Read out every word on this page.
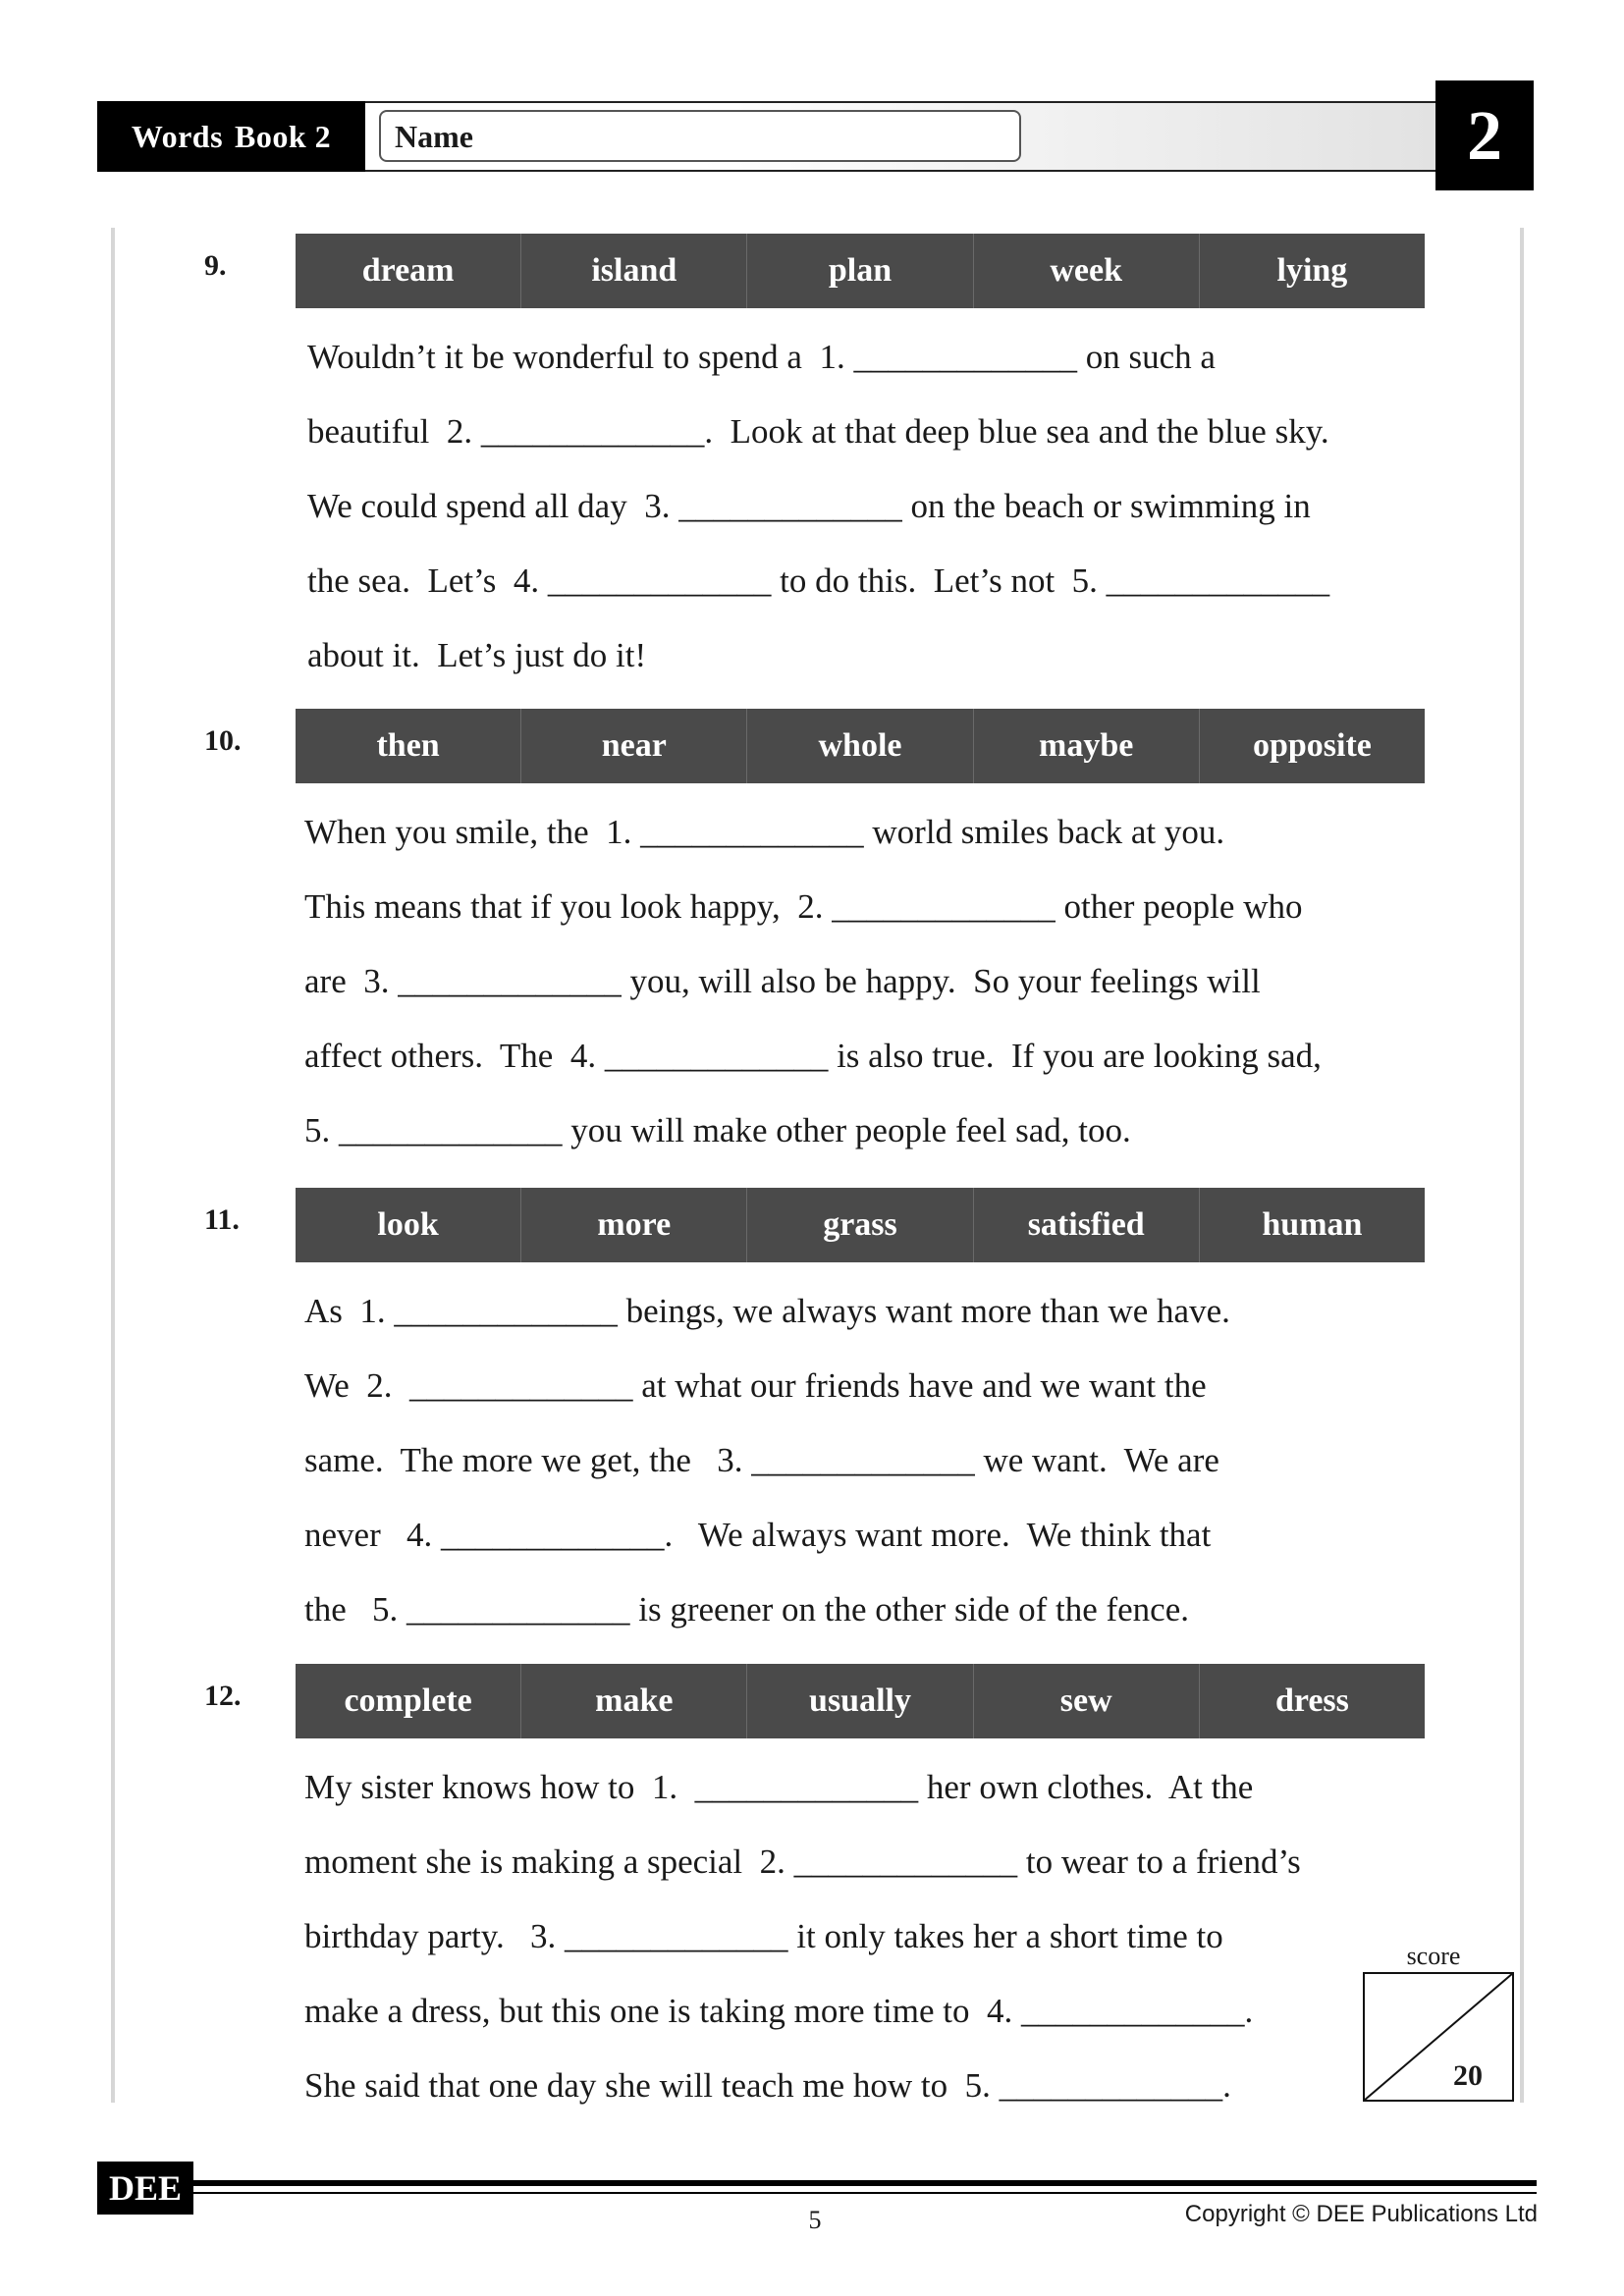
Words Book 2	Name	2
9.	dream	island	plan	week	lying
Wouldn’t it be wonderful to spend a  1. _____________ on such a
beautiful  2. _____________.  Look at that deep blue sea and the blue sky.
We could spend all day  3. _____________ on the beach or swimming in
the sea.  Let’s  4. _____________ to do this.  Let’s not  5. _____________
about it.  Let’s just do it!
10.	then	near	whole	maybe	opposite
When you smile, the  1. _____________ world smiles back at you.
This means that if you look happy,  2. _____________ other people who
are  3. _____________ you, will also be happy.  So your feelings will
affect others.  The  4. _____________ is also true.  If you are looking sad,
5. _____________ you will make other people feel sad, too.
11.	look	more	grass	satisfied	human
As  1. _____________ beings, we always want more than we have.
We  2.  _____________ at what our friends have and we want the
same.  The more we get, the   3. _____________ we want.  We are
never   4. _____________.   We always want more.  We think that
the   5. _____________ is greener on the other side of the fence.
12.	complete	make	usually	sew	dress
My sister knows how to  1.  _____________ her own clothes.  At the
moment she is making a special  2. _____________ to wear to a friend’s
birthday party.   3. _____________ it only takes her a short time to
make a dress, but this one is taking more time to  4. _____________.
She said that one day she will teach me how to  5. _____________.
score
20
DEE
5	Copyright © DEE Publications Ltd
